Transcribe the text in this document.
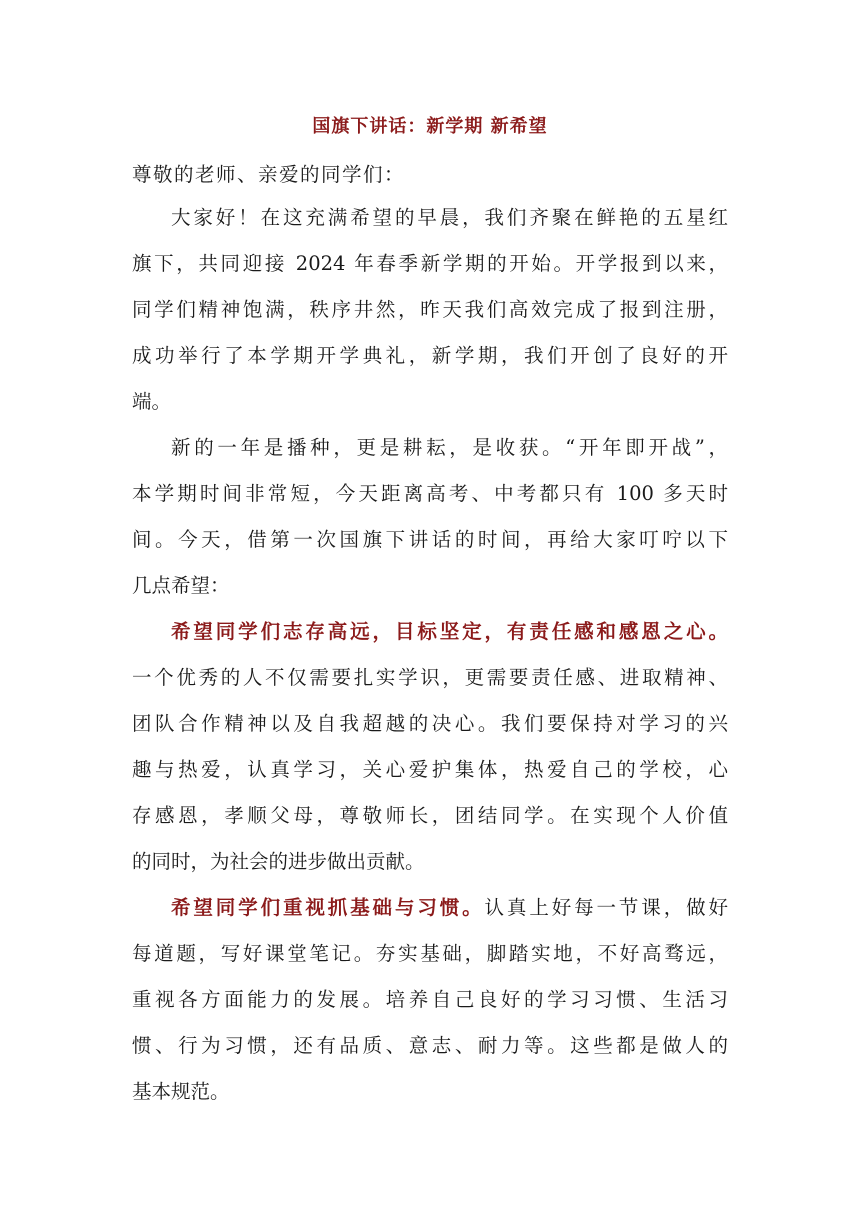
国旗下讲话：新学期 新希望
尊敬的老师、亲爱的同学们：
大家好！在这充满希望的早晨，我们齐聚在鲜艳的五星红
旗下，共同迎接 2024 年春季新学期的开始。开学报到以来，
同学们精神饱满，秩序井然，昨天我们高效完成了报到注册，
成功举行了本学期开学典礼，新学期，我们开创了良好的开
端。
新的一年是播种，更是耕耘，是收获。“开年即开战”，
本学期时间非常短，今天距离高考、中考都只有 100 多天时
间。今天，借第一次国旗下讲话的时间，再给大家叮咛以下
几点希望：
希望同学们志存高远，目标坚定，有责任感和感恩之心。
一个优秀的人不仅需要扎实学识，更需要责任感、进取精神、
团队合作精神以及自我超越的决心。我们要保持对学习的兴
趣与热爱，认真学习，关心爱护集体，热爱自己的学校，心
存感恩，孝顺父母，尊敬师长，团结同学。在实现个人价值
的同时，为社会的进步做出贡献。
希望同学们重视抓基础与习惯。认真上好每一节课，做好
每道题，写好课堂笔记。夯实基础，脚踏实地，不好高骛远，
重视各方面能力的发展。培养自己良好的学习习惯、生活习
惯、行为习惯，还有品质、意志、耐力等。这些都是做人的
基本规范。
